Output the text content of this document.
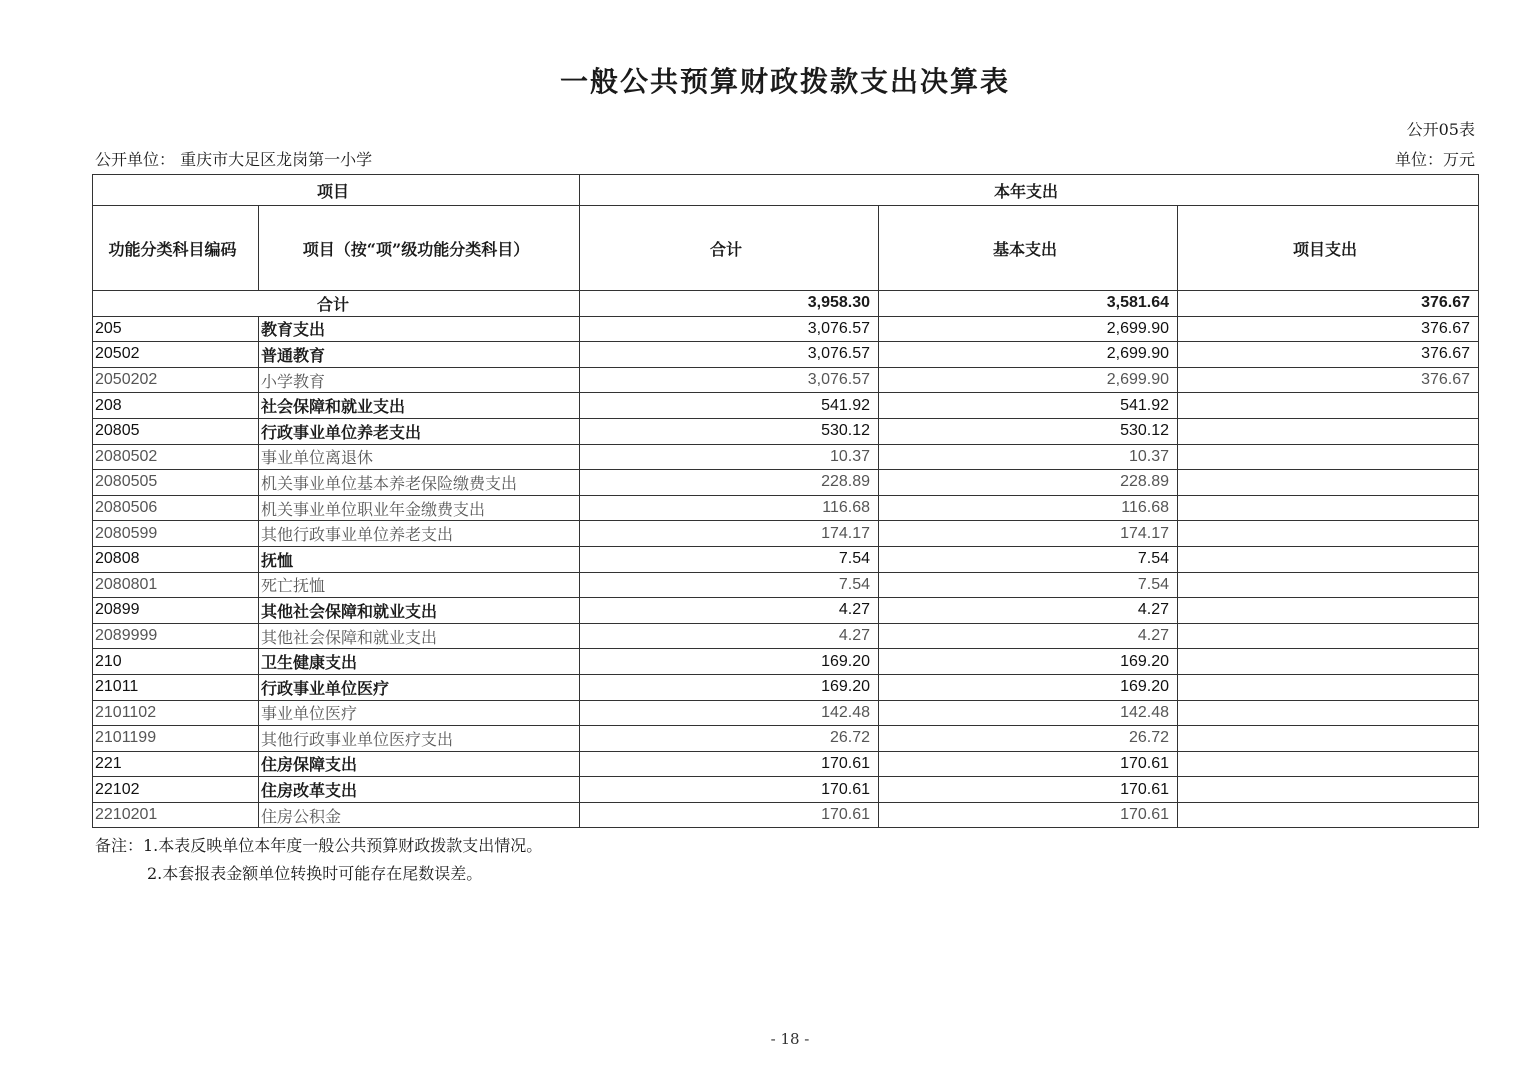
一般公共预算财政拨款支出决算表
公开05表
公开单位： 重庆市大足区龙岗第一小学	单位：万元
项目		本年支出		
功能分类科目编码	项目（按“项”级功能分类科目）	合计	基本支出	项目支出
合计		3,958.30	3,581.64	376.67
205	教育支出	3,076.57	2,699.90	376.67
20502	普通教育	3,076.57	2,699.90	376.67
2050202	小学教育	3,076.57	2,699.90	376.67
208	社会保障和就业支出	541.92	541.92	
20805	行政事业单位养老支出	530.12	530.12	
2080502	事业单位离退休	10.37	10.37	
2080505	机关事业单位基本养老保险缴费支出	228.89	228.89	
2080506	机关事业单位职业年金缴费支出	116.68	116.68	
2080599	其他行政事业单位养老支出	174.17	174.17	
20808	抚恤	7.54	7.54	
2080801	死亡抚恤	7.54	7.54	
20899	其他社会保障和就业支出	4.27	4.27	
2089999	其他社会保障和就业支出	4.27	4.27	
210	卫生健康支出	169.20	169.20	
21011	行政事业单位医疗	169.20	169.20	
2101102	事业单位医疗	142.48	142.48	
2101199	其他行政事业单位医疗支出	26.72	26.72	
221	住房保障支出	170.61	170.61	
22102	住房改革支出	170.61	170.61	
2210201	住房公积金	170.61	170.61	
备注：1.本表反映单位本年度一般公共预算财政拨款支出情况。
2.本套报表金额单位转换时可能存在尾数误差。
- 18 -
